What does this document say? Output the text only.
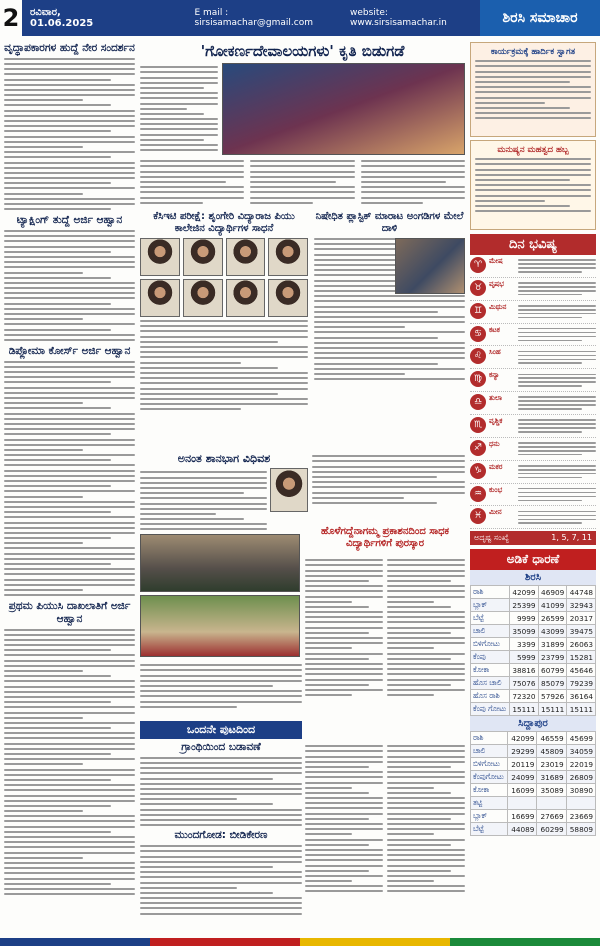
2 ರವಿವಾರ, 01.06.2025
E mail : sirsisamachar@gmail.com
website: www.sirsisamachar.in	ಶಿರಸಿ ಸಮಾಚಾರ
ವೃದ್ಧಾಪಕಾರಗಳ ಹುದ್ದೆ ನೇರ ಸಂದರ್ಶನ
ಟ್ಯಾಕ್ಷಿಂಗ್ ತುದ್ದೆ ಅರ್ಜಿ ಆಹ್ವಾನ
ಡಿಪ್ಲೋಮಾ ಕೋರ್ಸ್ ಅರ್ಜಿ ಆಹ್ವಾನ
ಪ್ರಥಮ ಪಿಯುಸಿ ದಾಖಲಾತಿಗೆ ಅರ್ಜಿ ಆಹ್ವಾನ
'ಗೋಕರ್ಣದೇವಾಲಯಗಳು' ಕೃತಿ ಬಿಡುಗಡೆ
ಕೆಸಿಇಟಿ ಪರೀಕ್ಷೆ: ಶೃಂಗೇರಿ ವಿದ್ಯಾರಾಜ ಪಿಯು ಕಾಲೇಜಿನ ವಿದ್ಯಾರ್ಥಿಗಳ ಸಾಧನೆ
ನಿಷೇಧಿತ ಪ್ಲಾಸ್ಟಿಕ್ ಮಾರಾಟ ಅಂಗಡಿಗಳ ಮೇಲೆ ದಾಳಿ
ಅನಂತ ಶಾನಭಾಗ ವಿಧಿವಶ
ಹೊಳೆಗದ್ದೆನಾಗಮ್ಮ ಪ್ರಕಾಶನದಿಂದ ಸಾಧಕ ವಿದ್ಯಾರ್ಥಿಗಳಿಗೆ ಪುರಸ್ಕಾರ
ಒಂದನೇ ಪುಟದಿಂದ
ಗ್ರಾಂಥಿಯಿಂದ ಬಡಾವಣೆ
ಮುಂದಗೋಡ: ಬೀಡಿಕೇರಣ
ಕಾರ್ಯಕ್ರಮಕ್ಕೆ ಹಾರ್ದಿಕ ಸ್ವಾಗತ
ಮನುಷ್ಯನ ಮಹತ್ವದ ಹಬ್ಬ
ದಿನ ಭವಿಷ್ಯ
♈ ಮೇಷ
♉ ವೃಷಭ
♊ ಮಿಥುನ
♋ ಕಟಕ
♌ ಸಿಂಹ
♍ ಕನ್ಯಾ
♎ ತುಲಾ
♏ ವೃಶ್ಚಿಕ
♐ ಧನು
♑ ಮಕರ
♒ ಕುಂಭ
♓ ಮೀನ
ಅದೃಷ್ಟ ಸಂಖ್ಯೆ	1, 5, 7, 11
ಅಡಿಕೆ ಧಾರಣೆ
ಶಿರಸಿ
ರಾಶಿ	42099	46909	44748
ಬ್ಲಾಕ್	25399	41099	32943
ಬೆಟ್ಟೆ	9999	26599	20317
ಚಾಲಿ	35099	43099	39475
ಬಿಳಿಗೋಟು	3399	31899	26063
ಕೆಂಪು	5999	23799	15281
ಕೋಕಾ	38816	60799	45646
ಹೊಸ ಚಾಲಿ	75076	85079	79239
ಹೊಸ ರಾಶಿ	72320	57926	36164
ಕೆಂಪು ಗೋಟು	15111	15111	15111
ಸಿದ್ದಾಪುರ
ರಾಶಿ	42099	46559	45699
ಚಾಲಿ	29299	45809	34059
ಬಿಳಿಗೋಟು	20119	23019	22019
ಕೆಂಪುಗೋಟು	24099	31689	26809
ಕೋಕಾ	16099	35089	30890
ತಟ್ಟಿ			
ಬ್ಲಾಕ್	16699	27669	23669
ಬೆಟ್ಟೆ	44089	60299	58809
